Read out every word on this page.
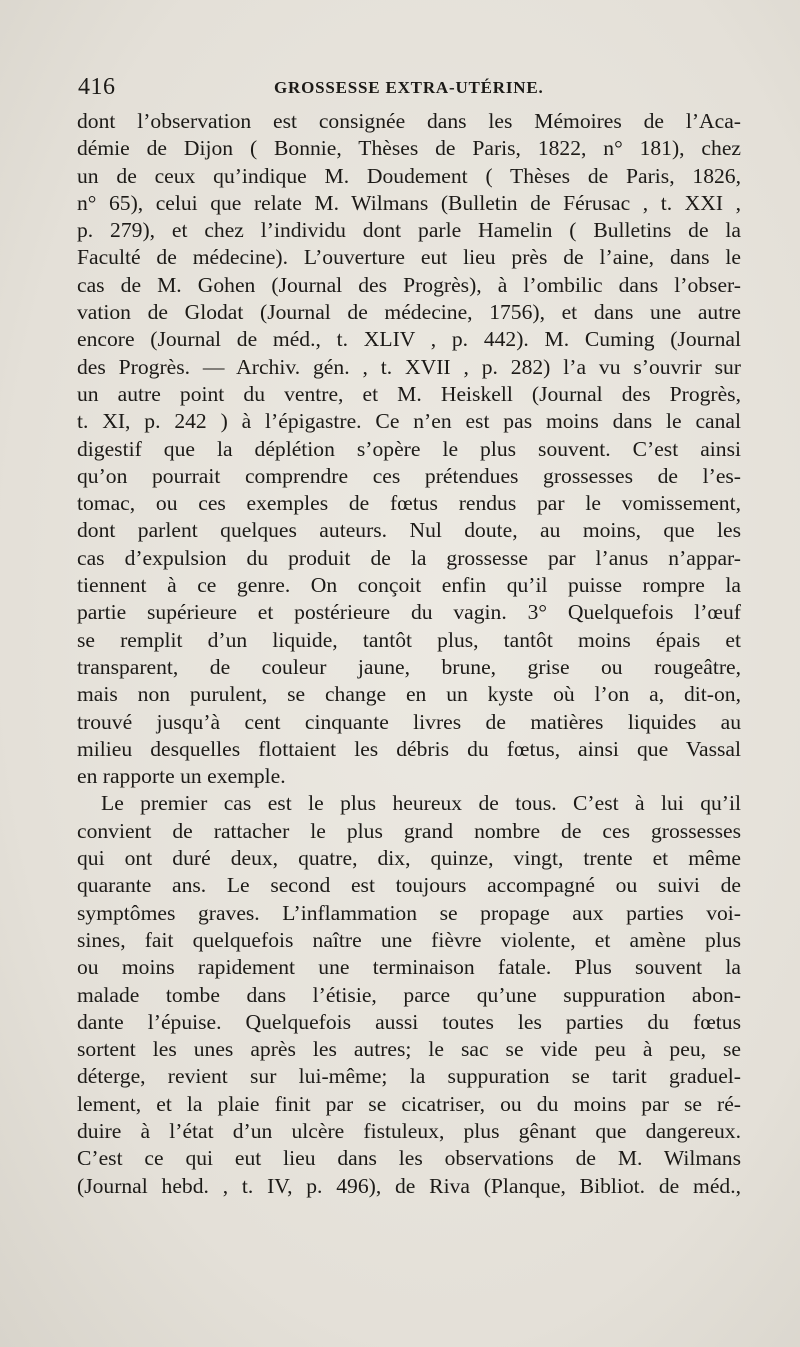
416	GROSSESSE EXTRA-UTÉRINE.
dont l’observation est consignée dans les Mémoires de l’Aca-
démie de Dijon ( Bonnie, Thèses de Paris, 1822, n° 181), chez
un de ceux qu’indique M. Doudement ( Thèses de Paris, 1826,
n° 65), celui que relate M. Wilmans (Bulletin de Férusac , t. XXI ,
p. 279), et chez l’individu dont parle Hamelin ( Bulletins de la
Faculté de médecine). L’ouverture eut lieu près de l’aine, dans le
cas de M. Gohen (Journal des Progrès), à l’ombilic dans l’obser-
vation de Glodat (Journal de médecine, 1756), et dans une autre
encore (Journal de méd., t. XLIV , p. 442). M. Cuming (Journal
des Progrès. — Archiv. gén. , t. XVII , p. 282) l’a vu s’ouvrir sur
un autre point du ventre, et M. Heiskell (Journal des Progrès,
t. XI, p. 242 ) à l’épigastre. Ce n’en est pas moins dans le canal
digestif que la déplétion s’opère le plus souvent. C’est ainsi
qu’on pourrait comprendre ces prétendues grossesses de l’es-
tomac, ou ces exemples de fœtus rendus par le vomissement,
dont parlent quelques auteurs. Nul doute, au moins, que les
cas d’expulsion du produit de la grossesse par l’anus n’appar-
tiennent à ce genre. On conçoit enfin qu’il puisse rompre la
partie supérieure et postérieure du vagin. 3° Quelquefois l’œuf
se remplit d’un liquide, tantôt plus, tantôt moins épais et
transparent, de couleur jaune, brune, grise ou rougeâtre,
mais non purulent, se change en un kyste où l’on a, dit-on,
trouvé jusqu’à cent cinquante livres de matières liquides au
milieu desquelles flottaient les débris du fœtus, ainsi que Vassal
en rapporte un exemple.
Le premier cas est le plus heureux de tous. C’est à lui qu’il
convient de rattacher le plus grand nombre de ces grossesses
qui ont duré deux, quatre, dix, quinze, vingt, trente et même
quarante ans. Le second est toujours accompagné ou suivi de
symptômes graves. L’inflammation se propage aux parties voi-
sines, fait quelquefois naître une fièvre violente, et amène plus
ou moins rapidement une terminaison fatale. Plus souvent la
malade tombe dans l’étisie, parce qu’une suppuration abon-
dante l’épuise. Quelquefois aussi toutes les parties du fœtus
sortent les unes après les autres; le sac se vide peu à peu, se
déterge, revient sur lui-même; la suppuration se tarit graduel-
lement, et la plaie finit par se cicatriser, ou du moins par se ré-
duire à l’état d’un ulcère fistuleux, plus gênant que dangereux.
C’est ce qui eut lieu dans les observations de M. Wilmans
(Journal hebd. , t. IV, p. 496), de Riva (Planque, Bibliot. de méd.,
